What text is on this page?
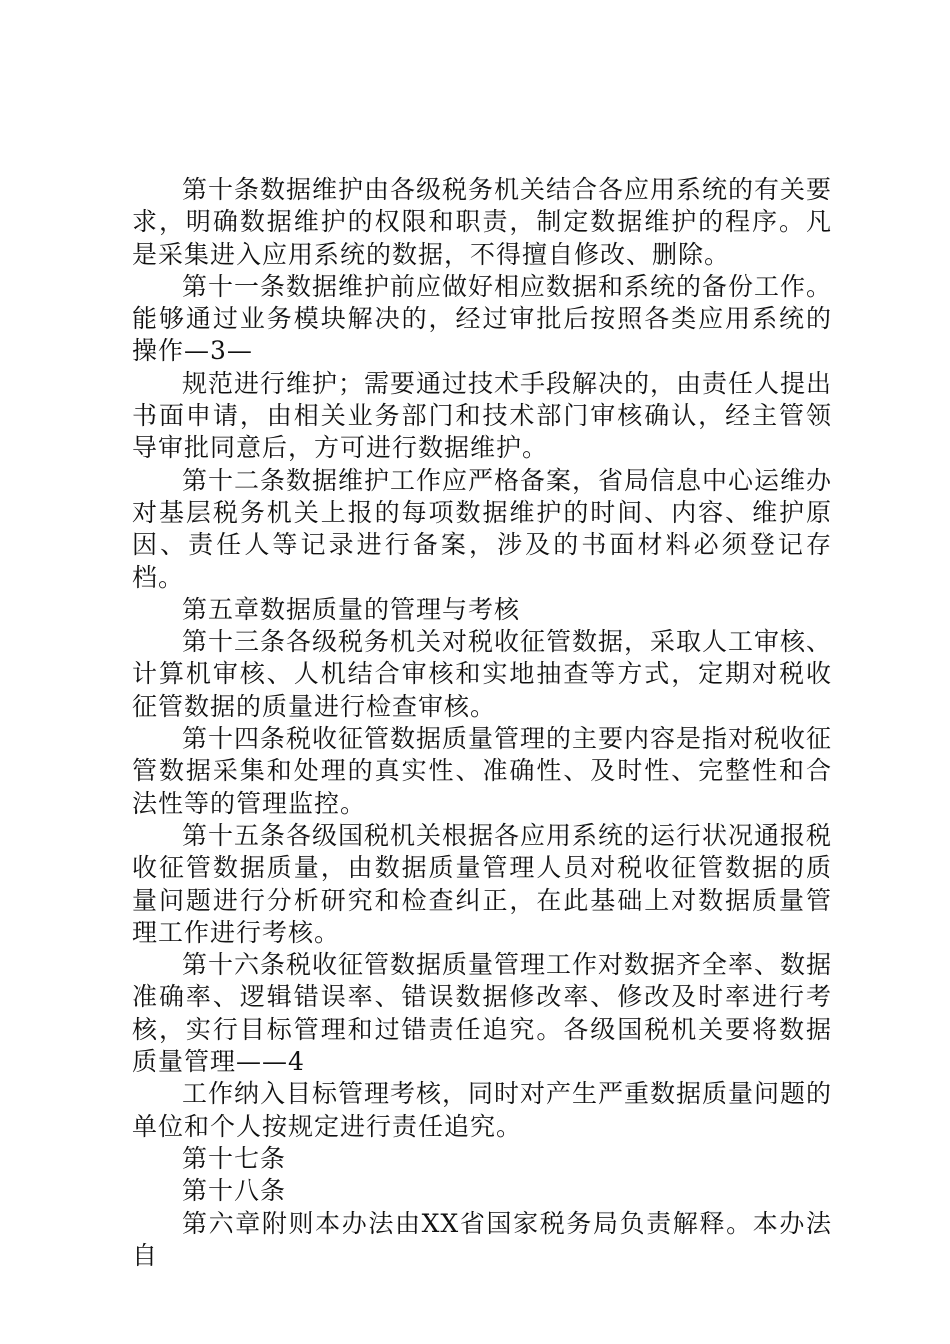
第十条数据维护由各级税务机关结合各应用系统的有关要求，明确数据维护的权限和职责，制定数据维护的程序。凡是采集进入应用系统的数据，不得擅自修改、删除。

第十一条数据维护前应做好相应数据和系统的备份工作。能够通过业务模块解决的，经过审批后按照各类应用系统的操作—3—

规范进行维护；需要通过技术手段解决的，由责任人提出书面申请，由相关业务部门和技术部门审核确认，经主管领导审批同意后，方可进行数据维护。

第十二条数据维护工作应严格备案，省局信息中心运维办对基层税务机关上报的每项数据维护的时间、内容、维护原因、责任人等记录进行备案，涉及的书面材料必须登记存档。

第五章数据质量的管理与考核

第十三条各级税务机关对税收征管数据，采取人工审核、计算机审核、人机结合审核和实地抽查等方式，定期对税收征管数据的质量进行检查审核。

第十四条税收征管数据质量管理的主要内容是指对税收征管数据采集和处理的真实性、准确性、及时性、完整性和合法性等的管理监控。

第十五条各级国税机关根据各应用系统的运行状况通报税收征管数据质量，由数据质量管理人员对税收征管数据的质量问题进行分析研究和检查纠正，在此基础上对数据质量管理工作进行考核。

第十六条税收征管数据质量管理工作对数据齐全率、数据准确率、逻辑错误率、错误数据修改率、修改及时率进行考核，实行目标管理和过错责任追究。各级国税机关要将数据质量管理——4

工作纳入目标管理考核，同时对产生严重数据质量问题的单位和个人按规定进行责任追究。

第十七条

第十八条

第六章附则本办法由XX省国家税务局负责解释。本办法自
